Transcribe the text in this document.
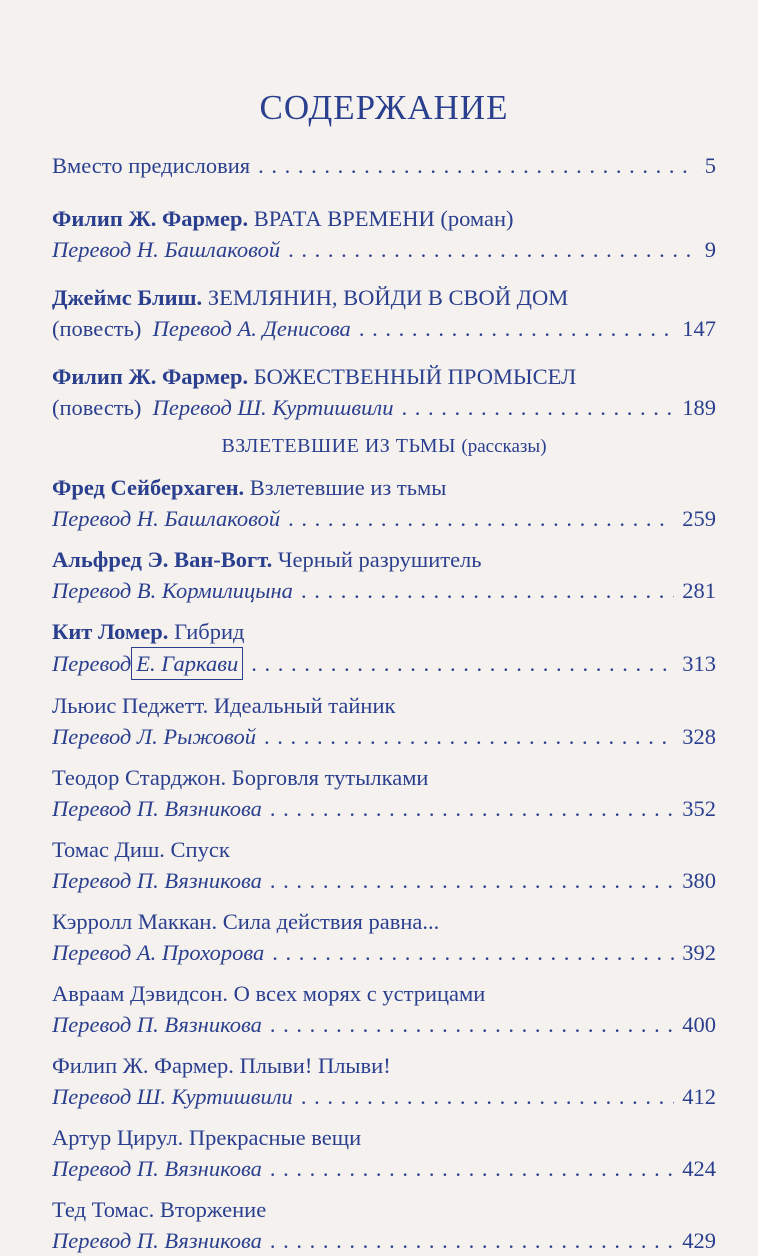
СОДЕРЖАНИЕ
Вместо предисловия . . .	5
Филип Ж. Фармер.
ВРАТА ВРЕМЕНИ (роман)
Перевод Н. Башлаковой . . .	9
Джеймс Блиш.
ЗЕМЛЯНИН, ВОЙДИ В СВОЙ ДОМ
(повесть)
Перевод А. Денисова . . .	147
Филип Ж. Фармер.
БОЖЕСТВЕННЫЙ ПРОМЫСЕЛ
(повесть)
Перевод Ш. Куртишвили . . .	189
ВЗЛЕТЕВШИЕ ИЗ ТЬМЫ (рассказы)
Фред Сейберхаген.
Взлетевшие из тьмы
Перевод Н. Башлаковой . . .	259
Альфред Э. Ван-Вогт.
Черный разрушитель
Перевод В. Кормилицына . . .	281
Кит Ломер.
Гибрид
Перевод Е. Гаркави . . .	313
Льюис Педжетт.
Идеальный тайник
Перевод Л. Рыжовой . . .	328
Теодор Старджон.
Борговля тутылками
Перевод П. Вязникова . . .	352
Томас Диш.
Спуск
Перевод П. Вязникова . . .	380
Кэрролл Маккан.
Сила действия равна...
Перевод А. Прохорова . . .	392
Авраам Дэвидсон.
О всех морях с устрицами
Перевод П. Вязникова . . .	400
Филип Ж. Фармер.
Плыви! Плыви!
Перевод Ш. Куртишвили . . .	412
Артур Цирул.
Прекрасные вещи
Перевод П. Вязникова . . .	424
Тед Томас.
Вторжение
Перевод П. Вязникова . . .	429
